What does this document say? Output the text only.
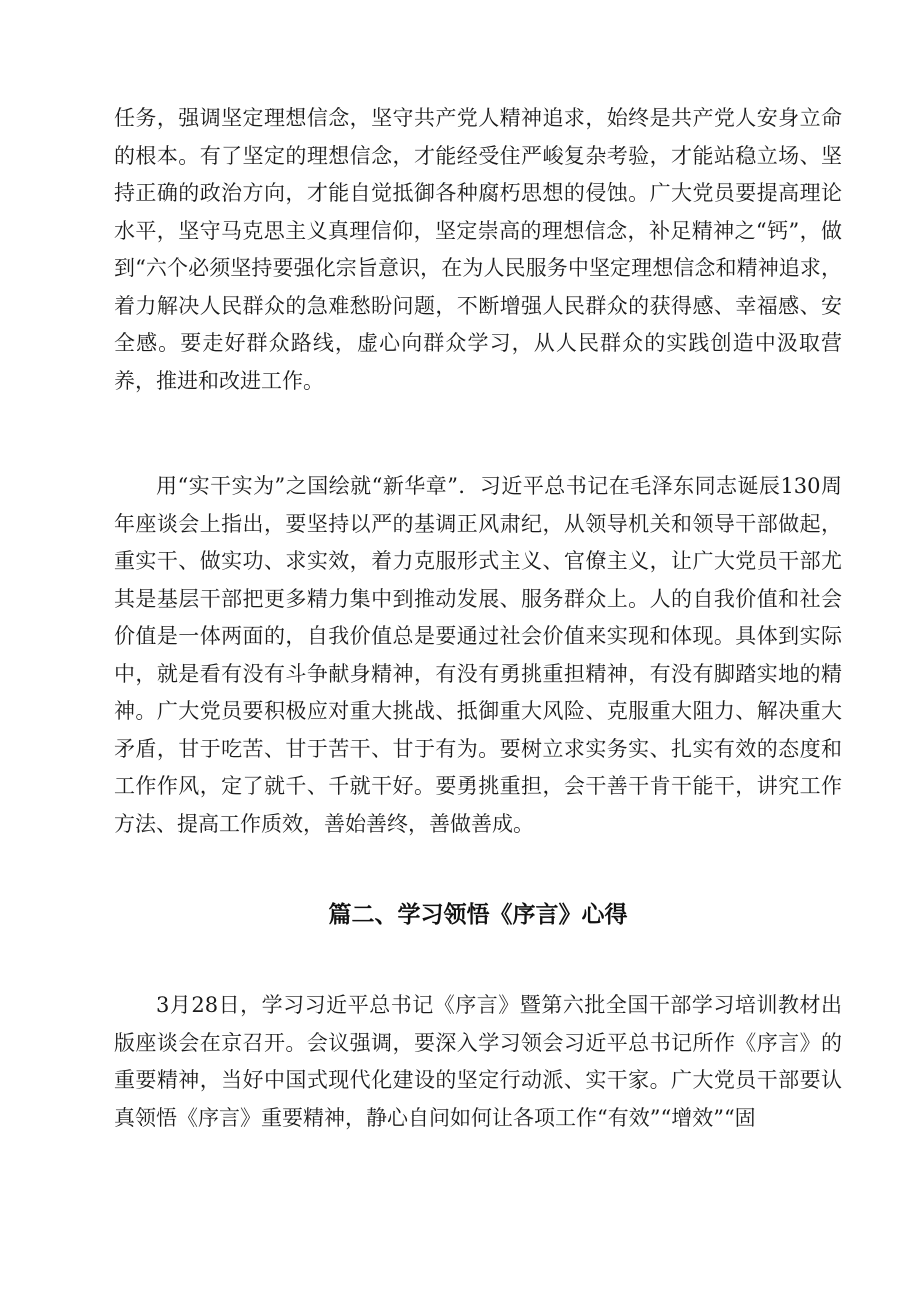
任务，强调坚定理想信念，坚守共产党人精神追求，始终是共产党人安身立命的根本。有了坚定的理想信念，才能经受住严峻复杂考验，才能站稳立场、坚持正确的政治方向，才能自觉抵御各种腐朽思想的侵蚀。广大党员要提高理论水平，坚守马克思主义真理信仰，坚定崇高的理想信念，补足精神之“钙”，做到“六个必须坚持要强化宗旨意识，在为人民服务中坚定理想信念和精神追求，着力解决人民群众的急难愁盼问题，不断增强人民群众的获得感、幸福感、安全感。要走好群众路线，虚心向群众学习，从人民群众的实践创造中汲取营养，推进和改进工作。

用“实干实为”之国绘就“新华章”．习近平总书记在毛泽东同志诞辰130周年座谈会上指出，要坚持以严的基调正风肃纪，从领导机关和领导干部做起，重实干、做实功、求实效，着力克服形式主义、官僚主义，让广大党员干部尤其是基层干部把更多精力集中到推动发展、服务群众上。人的自我价值和社会价值是一体两面的，自我价值总是要通过社会价值来实现和体现。具体到实际中，就是看有没有斗争献身精神，有没有勇挑重担精神，有没有脚踏实地的精神。广大党员要积极应对重大挑战、抵御重大风险、克服重大阻力、解决重大矛盾，甘于吃苦、甘于苦干、甘于有为。要树立求实务实、扎实有效的态度和工作作风，定了就千、千就干好。要勇挑重担，会干善干肯干能干，讲究工作方法、提高工作质效，善始善终，善做善成。

篇二、学习领悟《序言》心得

3月28日，学习习近平总书记《序言》暨第六批全国干部学习培训教材出版座谈会在京召开。会议强调，要深入学习领会习近平总书记所作《序言》的重要精神，当好中国式现代化建设的坚定行动派、实干家。广大党员干部要认真领悟《序言》重要精神，静心自问如何让各项工作“有效”“增效”“固
